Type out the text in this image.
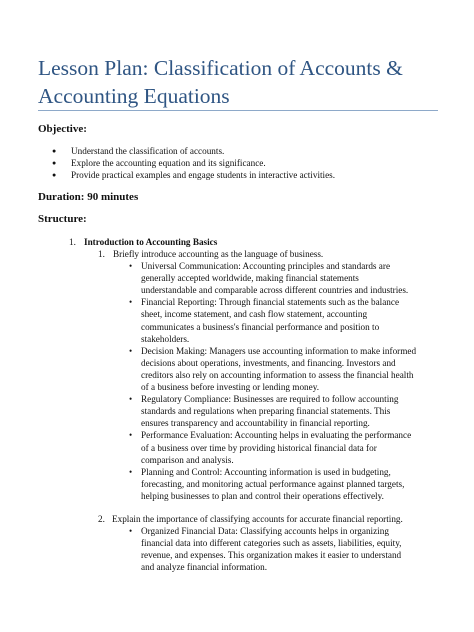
Lesson Plan: Classification of Accounts & Accounting Equations

Objective:

● Understand the classification of accounts.
● Explore the accounting equation and its significance.
● Provide practical examples and engage students in interactive activities.

Duration: 90 minutes

Structure:

1. Introduction to Accounting Basics

1. Briefly introduce accounting as the language of business.

• Universal Communication: Accounting principles and standards are

generally accepted worldwide, making financial statements

understandable and comparable across different countries and industries.

• Financial Reporting: Through financial statements such as the balance

sheet, income statement, and cash flow statement, accounting

communicates a business's financial performance and position to

stakeholders.

• Decision Making: Managers use accounting information to make informed

decisions about operations, investments, and financing. Investors and

creditors also rely on accounting information to assess the financial health

of a business before investing or lending money.

• Regulatory Compliance: Businesses are required to follow accounting

standards and regulations when preparing financial statements. This

ensures transparency and accountability in financial reporting.

• Performance Evaluation: Accounting helps in evaluating the performance

of a business over time by providing historical financial data for

comparison and analysis.

• Planning and Control: Accounting information is used in budgeting,

forecasting, and monitoring actual performance against planned targets,

helping businesses to plan and control their operations effectively.

2. Explain the importance of classifying accounts for accurate financial reporting.

• Organized Financial Data: Classifying accounts helps in organizing

financial data into different categories such as assets, liabilities, equity,

revenue, and expenses. This organization makes it easier to understand

and analyze financial information.
